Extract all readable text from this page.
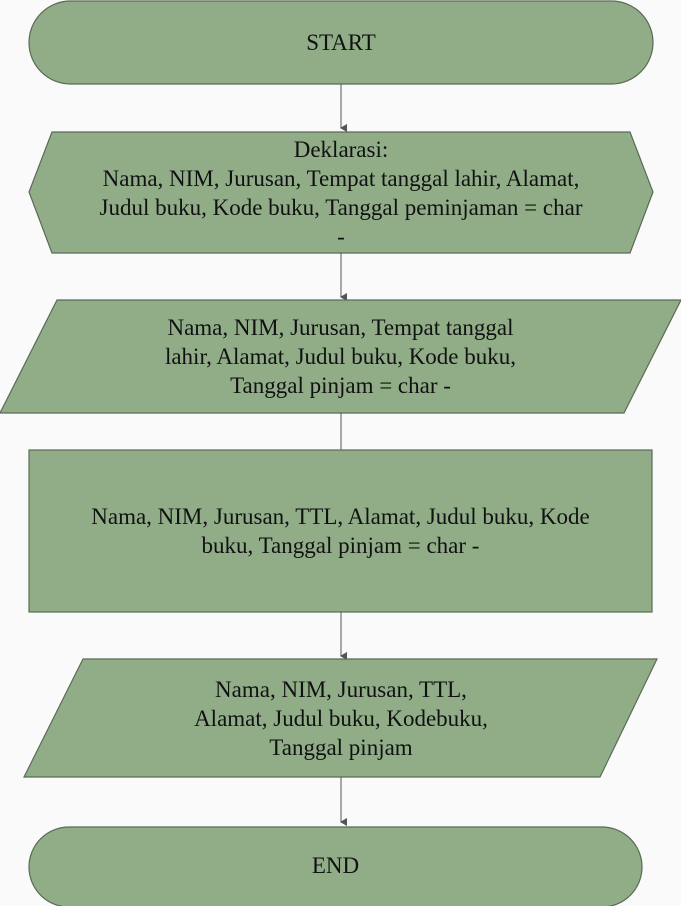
START
Deklarasi:
Nama, NIM, Jurusan, Tempat tanggal lahir, Alamat,
Judul buku, Kode buku, Tanggal peminjaman = char
-
Nama, NIM, Jurusan, Tempat tanggal
lahir, Alamat, Judul buku, Kode buku,
Tanggal pinjam = char -
Nama, NIM, Jurusan, TTL, Alamat, Judul buku, Kode
buku, Tanggal pinjam = char -
Nama, NIM, Jurusan, TTL,
Alamat, Judul buku, Kodebuku,
Tanggal pinjam
END
